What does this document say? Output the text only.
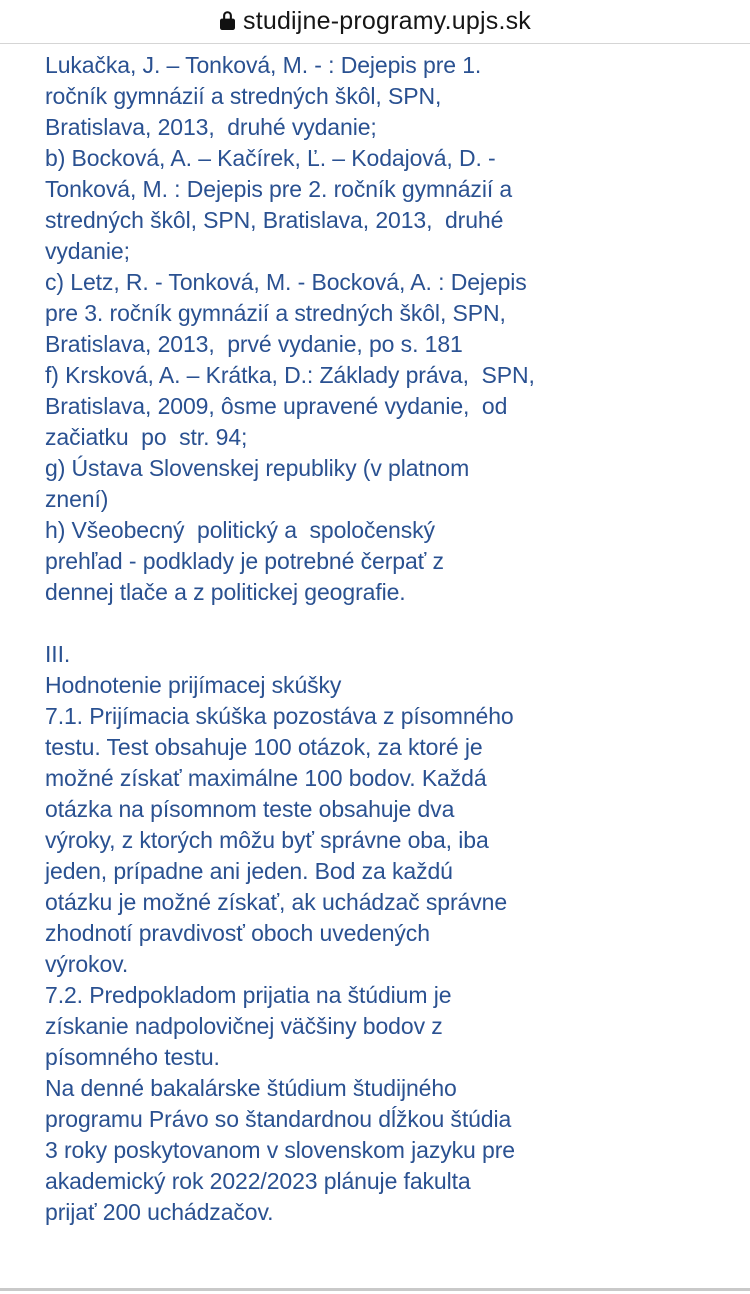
studijne-programy.upjs.sk
Lukačka, J. – Tonková, M. - : Dejepis pre 1.
ročník gymnázií a stredných škôl, SPN,
Bratislava, 2013,  druhé vydanie;
b) Bocková, A. – Kačírek, Ľ. – Kodajová, D. -
Tonková, M. : Dejepis pre 2. ročník gymnázií a
stredných škôl, SPN, Bratislava, 2013,  druhé
vydanie;
c) Letz, R. - Tonková, M. - Bocková, A. : Dejepis
pre 3. ročník gymnázií a stredných škôl, SPN,
Bratislava, 2013,  prvé vydanie, po s. 181
f) Krsková, A. – Krátka, D.: Základy práva,  SPN,
Bratislava, 2009, ôsme upravené vydanie,  od
začiatku  po  str. 94;
g) Ústava Slovenskej republiky (v platnom
znení)
h) Všeobecný  politický a  spoločenský
prehľad - podklady je potrebné čerpať z
dennej tlače a z politickej geografie.
III.
Hodnotenie prijímacej skúšky
7.1. Prijímacia skúška pozostáva z písomného
testu. Test obsahuje 100 otázok, za ktoré je
možné získať maximálne 100 bodov. Každá
otázka na písomnom teste obsahuje dva
výroky, z ktorých môžu byť správne oba, iba
jeden, prípadne ani jeden. Bod za každú
otázku je možné získať, ak uchádzač správne
zhodnotí pravdivosť oboch uvedených
výrokov.
7.2. Predpokladom prijatia na štúdium je
získanie nadpolovičnej väčšiny bodov z
písomného testu.
Na denné bakalárske štúdium študijného
programu Právo so štandardnou dĺžkou štúdia
3 roky poskytovanom v slovenskom jazyku pre
akademický rok 2022/2023 plánuje fakulta
prijať 200 uchádzačov.
